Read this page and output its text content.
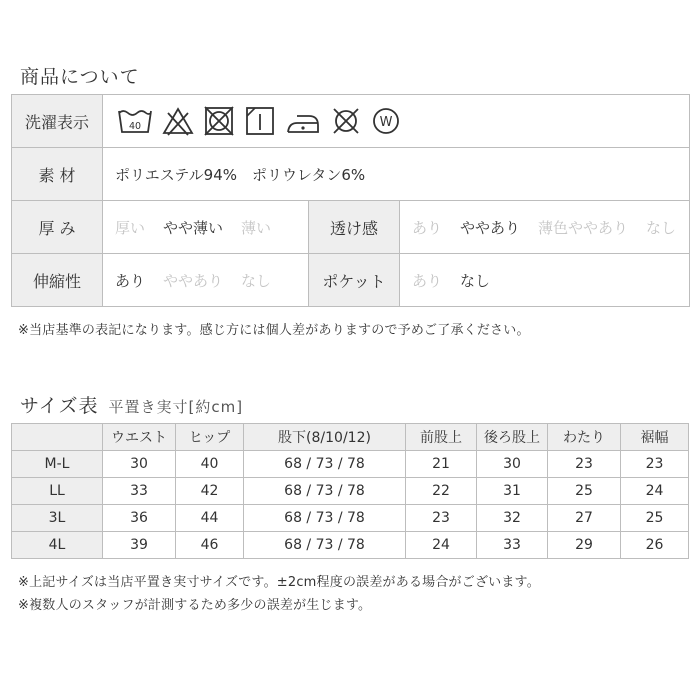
商品について
洗濯表示	40	W
素 材	ポリエステル94%　ポリウレタン6%
厚 み	厚い やや薄い 薄い	透け感	あり ややあり 薄色ややあり なし
伸縮性	あり ややあり なし	ポケット	あり なし
※当店基準の表記になります。感じ方には個人差がありますので予めご了承ください。
サイズ表 平置き実寸[約cm]
	ウエスト	ヒップ	股下(8/10/12)	前股上	後ろ股上	わたり	裾幅
M-L	30	40	68 / 73 / 78	21	30	23	23
LL	33	42	68 / 73 / 78	22	31	25	24
3L	36	44	68 / 73 / 78	23	32	27	25
4L	39	46	68 / 73 / 78	24	33	29	26
※上記サイズは当店平置き実寸サイズです。±2cm程度の誤差がある場合がございます。
※複数人のスタッフが計測するため多少の誤差が生じます。
